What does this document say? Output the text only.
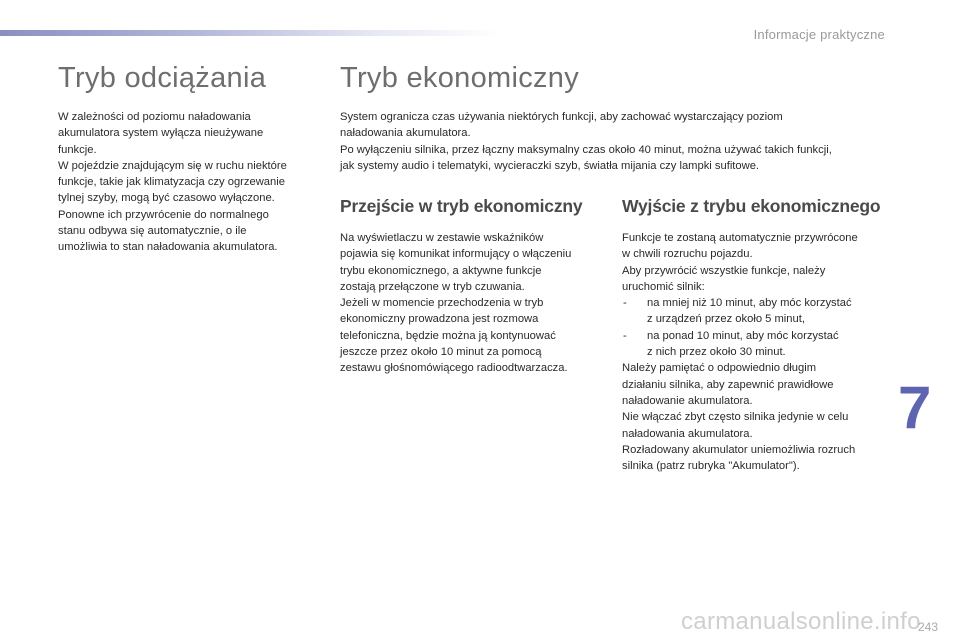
Informacje praktyczne
Tryb odciążania

W zależności od poziomu naładowania
akumulatora system wyłącza nieużywane
funkcje.
W pojeździe znajdującym się w ruchu niektóre
funkcje, takie jak klimatyzacja czy ogrzewanie
tylnej szyby, mogą być czasowo wyłączone.
Ponowne ich przywrócenie do normalnego
stanu odbywa się automatycznie, o ile
umożliwia to stan naładowania akumulatora.

Tryb ekonomiczny

System ogranicza czas używania niektórych funkcji, aby zachować wystarczający poziom
naładowania akumulatora.
Po wyłączeniu silnika, przez łączny maksymalny czas około 40 minut, można używać takich funkcji,
jak systemy audio i telematyki, wycieraczki szyb, światła mijania czy lampki sufitowe.

Przejście w tryb ekonomiczny

Na wyświetlaczu w zestawie wskaźników
pojawia się komunikat informujący o włączeniu
trybu ekonomicznego, a aktywne funkcje
zostają przełączone w tryb czuwania.
Jeżeli w momencie przechodzenia w tryb
ekonomiczny prowadzona jest rozmowa
telefoniczna, będzie można ją kontynuować
jeszcze przez około 10 minut za pomocą
zestawu głośnomówiącego radioodtwarzacza.

Wyjście z trybu ekonomicznego

Funkcje te zostaną automatycznie przywrócone
w chwili rozruchu pojazdu.
Aby przywrócić wszystkie funkcje, należy
uruchomić silnik:

- na mniej niż 10 minut, aby móc korzystać
z urządzeń przez około 5 minut,
- na ponad 10 minut, aby móc korzystać
z nich przez około 30 minut.

Należy pamiętać o odpowiednio długim
działaniu silnika, aby zapewnić prawidłowe
naładowanie akumulatora.
Nie włączać zbyt często silnika jedynie w celu
naładowania akumulatora.
Rozładowany akumulator uniemożliwia rozruch
silnika (patrz rubryka "Akumulator").

7
carmanualsonline.info
243
